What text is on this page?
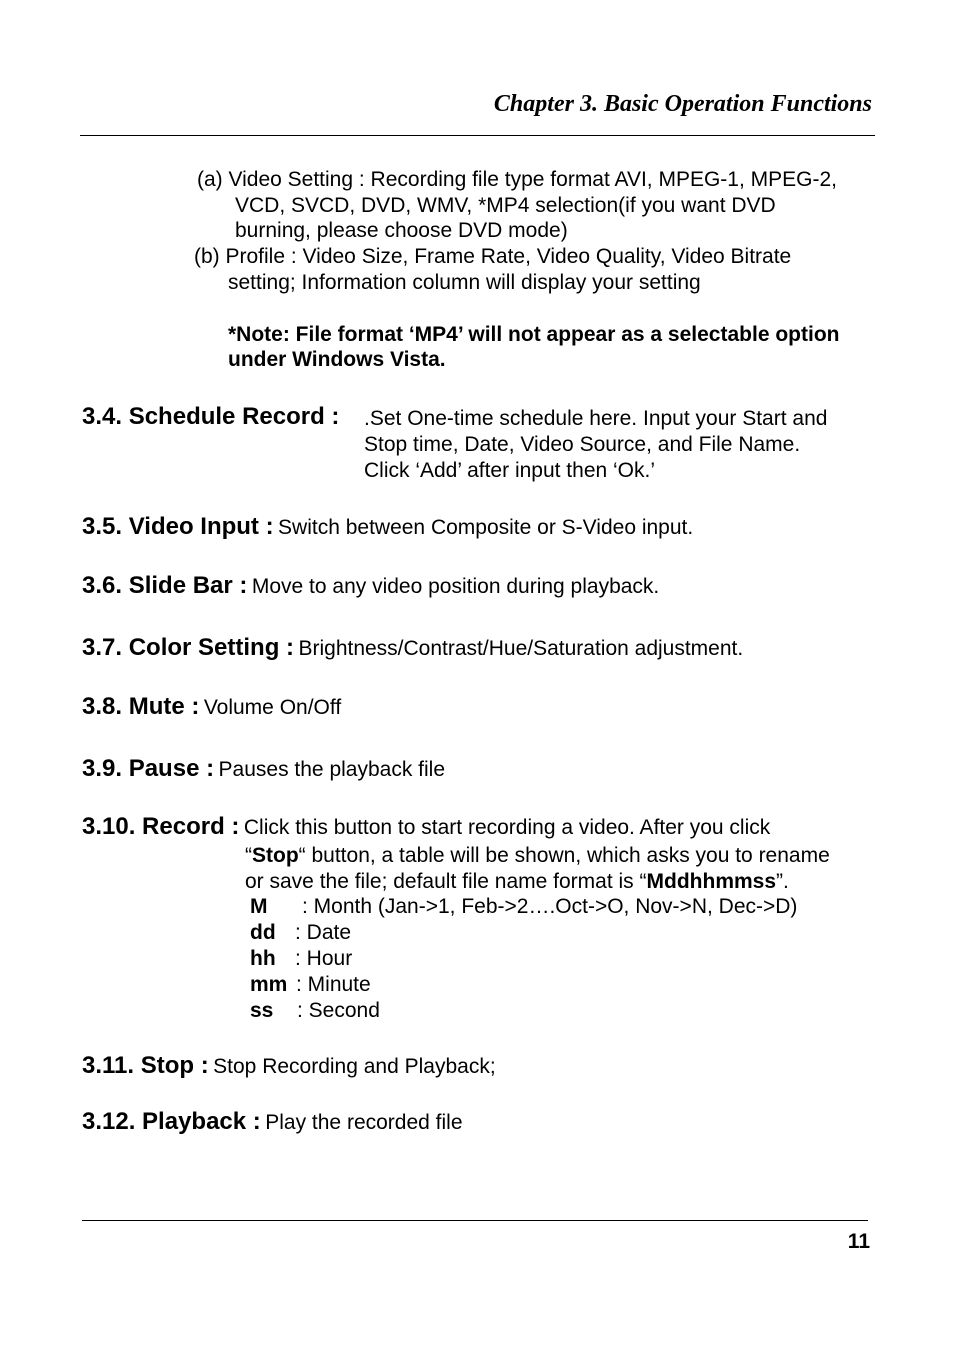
Chapter 3. Basic Operation Functions
(a) Video Setting : Recording file type format AVI, MPEG-1, MPEG-2,
VCD, SVCD, DVD, WMV, *MP4 selection(if you want DVD
burning, please choose DVD mode)
(b) Profile : Video Size, Frame Rate, Video Quality, Video Bitrate
setting; Information column will display your setting
*Note: File format ‘MP4’ will not appear as a selectable option
under Windows Vista.
3.4. Schedule Record : .Set One-time schedule here. Input your Start and
Stop time, Date, Video Source, and File Name.
Click ‘Add’ after input then ‘Ok.’
3.5. Video Input : Switch between Composite or S-Video input.
3.6. Slide Bar : Move to any video position during playback.
3.7. Color Setting : Brightness/Contrast/Hue/Saturation adjustment.
3.8. Mute : Volume On/Off
3.9. Pause : Pauses the playback file
3.10. Record : Click this button to start recording a video. After you click
“Stop“ button, a table will be shown, which asks you to rename
or save the file; default file name format is “Mddhhmmss”.
M : Month (Jan->1, Feb->2….Oct->O, Nov->N, Dec->D)
dd : Date
hh : Hour
mm : Minute
ss : Second
3.11. Stop : Stop Recording and Playback;
3.12. Playback : Play the recorded file
11
